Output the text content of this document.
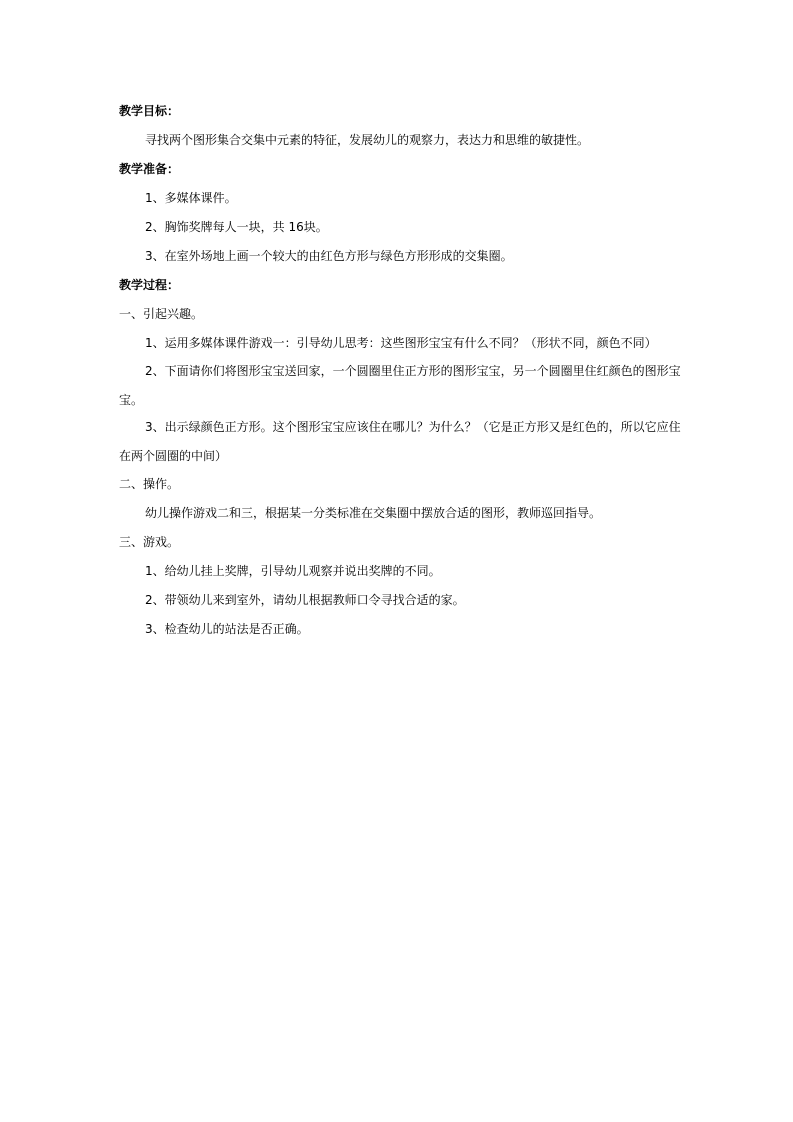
教学目标：

寻找两个图形集合交集中元素的特征，发展幼儿的观察力，表达力和思维的敏捷性。

教学准备：

1、多媒体课件。

2、胸饰奖牌每人一块，共 16块。

3、在室外场地上画一个较大的由红色方形与绿色方形形成的交集圈。

教学过程：

一、引起兴趣。

1、运用多媒体课件游戏一：引导幼儿思考：这些图形宝宝有什么不同？（形状不同，颜色不同）

2、下面请你们将图形宝宝送回家，一个圆圈里住正方形的图形宝宝，另一个圆圈里住红颜色的图形宝宝。

3、出示绿颜色正方形。这个图形宝宝应该住在哪儿？为什么？（它是正方形又是红色的，所以它应住在两个圆圈的中间）

二、操作。

幼儿操作游戏二和三，根据某一分类标准在交集圈中摆放合适的图形，教师巡回指导。

三、游戏。

1、给幼儿挂上奖牌，引导幼儿观察并说出奖牌的不同。

2、带领幼儿来到室外，请幼儿根据教师口令寻找合适的家。

3、检查幼儿的站法是否正确。
